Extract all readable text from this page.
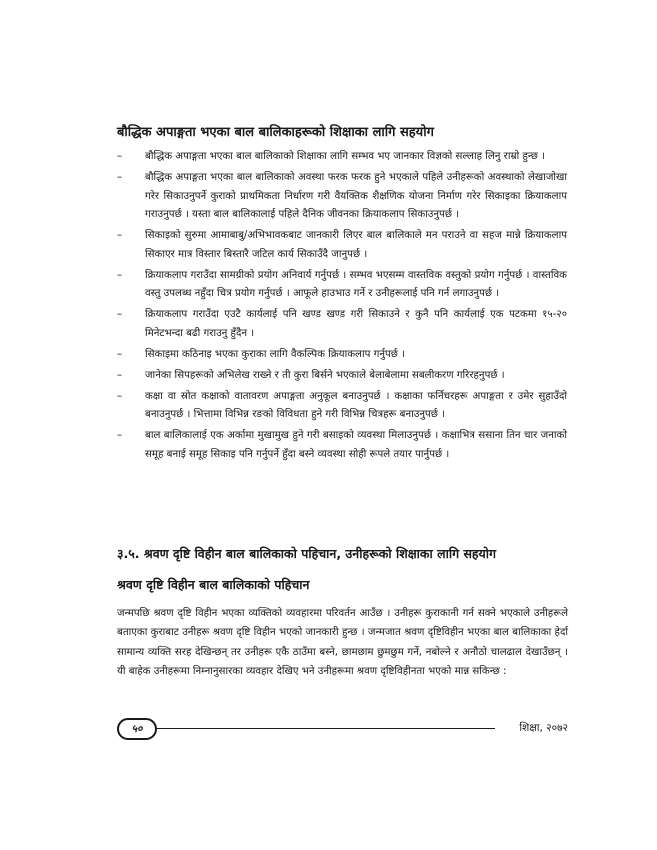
बौद्धिक अपाङ्गता भएका बाल बालिकाहरूको शिक्षाका लागि सहयोग
– बौद्धिक अपाङ्गता भएका बाल बालिकाको शिक्षाका लागि सम्भव भए जानकार विज्ञको सल्लाह लिनु राम्रो हुन्छ ।
– बौद्धिक अपाङ्गता भएका बाल बालिकाको अवस्था फरक फरक हुने भएकाले पहिले उनीहरूको अवस्थाको लेखाजोखा गरेर सिकाउनुपर्ने कुराको प्राथमिकता निर्धारण गरी वैयक्तिक शैक्षणिक योजना निर्माण गरेर सिकाइका क्रियाकलाप गराउनुपर्छ । यस्ता बाल बालिकालाई पहिले दैनिक जीवनका क्रियाकलाप सिकाउनुपर्छ ।
– सिकाइको सुरुमा आमाबाबु/अभिभावकबाट जानकारी लिएर बाल बालिकाले मन पराउने वा सहज मान्ने क्रियाकलाप सिकाएर मात्र विस्तार बिस्तारै जटिल कार्य सिकाउँदै जानुपर्छ ।
– क्रियाकलाप गराउँदा सामग्रीको प्रयोग अनिवार्य गर्नुपर्छ । सम्भव भएसम्म वास्तविक वस्तुको प्रयोग गर्नुपर्छ । वास्तविक वस्तु उपलब्ध नहुँदा चित्र प्रयोग गर्नुपर्छ । आफूले हाउभाउ गर्ने र उनीहरूलाई पनि गर्न लगाउनुपर्छ ।
– क्रियाकलाप गराउँदा एउटै कार्यलाई पनि खण्ड खण्ड गरी सिकाउने र कुनै पनि कार्यलाई एक पटकमा १५-२० मिनेटभन्दा बढी गराउनु हुँदैन ।
– सिकाइमा कठिनाइ भएका कुराका लागि वैकल्पिक क्रियाकलाप गर्नुपर्छ ।
– जानेका सिपहरूको अभिलेख राख्ने र ती कुरा बिर्सने भएकाले बेलाबेलामा सबलीकरण गरिरहनुपर्छ ।
– कक्षा वा स्रोत कक्षाको वातावरण अपाङ्गता अनुकूल बनाउनुपर्छ । कक्षाका फर्निचरहरू अपाङ्गता र उमेर सुहाउँदो बनाउनुपर्छ । भित्तामा विभिन्न रङको विविधता हुने गरी विभिन्न चित्रहरू बनाउनुपर्छ ।
– बाल बालिकालाई एक अर्कामा मुखामुख हुने गरी बसाइको व्यवस्था मिलाउनुपर्छ । कक्षाभित्र ससाना तिन चार जनाको समूह बनाई समूह सिकाइ पनि गर्नुपर्ने हुँदा बस्ने व्यवस्था सोही रूपले तयार पार्नुपर्छ ।
३.५. श्रवण दृष्टि विहीन बाल बालिकाको पहिचान, उनीहरूको शिक्षाका लागि सहयोग
श्रवण दृष्टि विहीन बाल बालिकाको पहिचान

जन्मपछि श्रवण दृष्टि विहीन भएका व्यक्तिको व्यवहारमा परिवर्तन आउँछ । उनीहरू कुराकानी गर्न सक्ने भएकाले उनीहरूले बताएका कुराबाट उनीहरू श्रवण दृष्टि विहीन भएको जानकारी हुन्छ । जन्मजात श्रवण दृष्टिविहीन भएका बाल बालिकाका हेर्दा सामान्य व्यक्ति सरह देखिन्छन् तर उनीहरू एकै ठाउँमा बस्ने, छामछाम छुमछुम गर्ने, नबोल्ने र अनौठो चालढाल देखाउँछन् । यी बाहेक उनीहरूमा निम्नानुसारका व्यवहार देखिए भने उनीहरूमा श्रवण दृष्टिविहीनता भएको मान्न सकिन्छ :

५०	शिक्षा, २०७२
